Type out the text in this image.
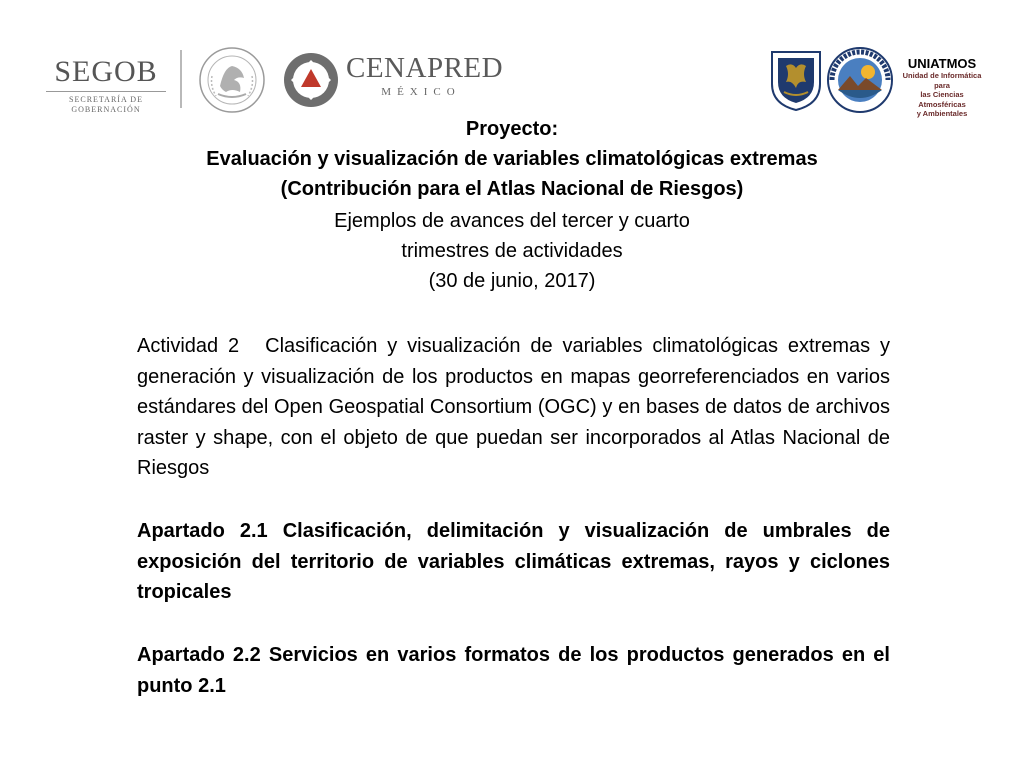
SEGOB
SECRETARÍA DE
GOBERNACIÓN
CENAPRED
MÉXICO
UNIATMOS
Unidad de Informática para
las Ciencias Atmosféricas
y Ambientales
Proyecto:
Evaluación y visualización de variables climatológicas extremas
(Contribución para el Atlas Nacional de Riesgos)
Ejemplos de avances del tercer y cuarto
trimestres de actividades
(30 de junio, 2017)
Actividad 2 Clasificación y visualización de variables climatológicas extremas y generación y visualización de los productos en mapas georreferenciados en varios estándares del Open Geospatial Consortium (OGC) y en bases de datos de archivos raster y shape, con el objeto de que puedan ser incorporados al Atlas Nacional de Riesgos
Apartado 2.1 Clasificación, delimitación y visualización de umbrales de exposición del territorio de variables climáticas extremas, rayos y ciclones tropicales
Apartado 2.2 Servicios en varios formatos de los productos generados en el punto 2.1
